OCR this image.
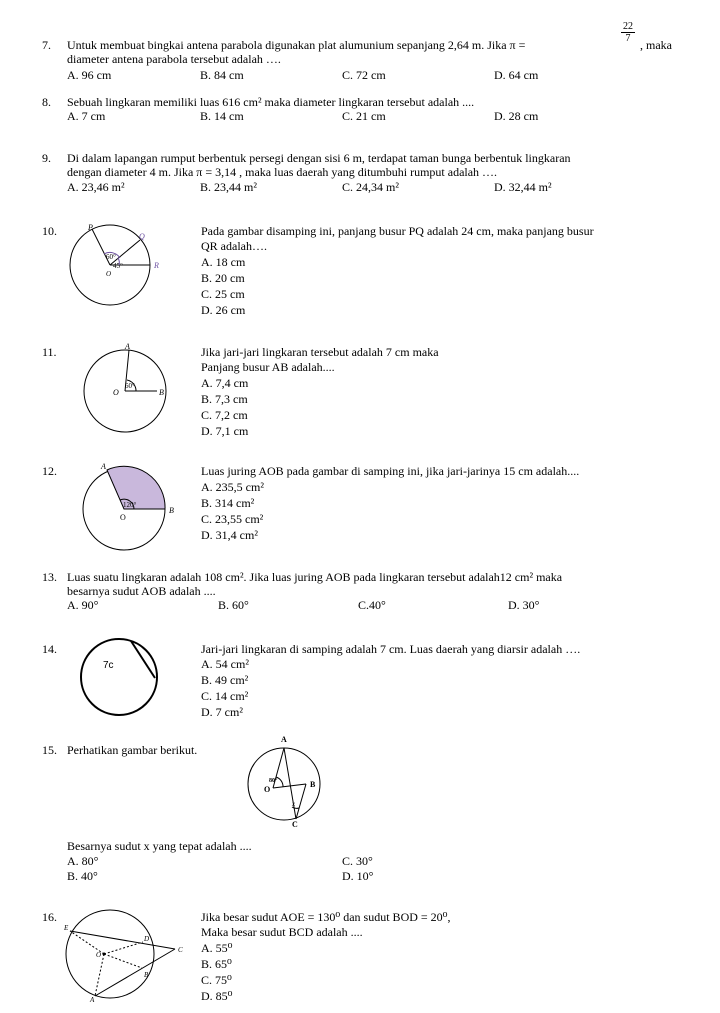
7. Untuk membuat bingkai antena parabola digunakan plat alumunium sepanjang 2,64 m. Jika π =
$\frac{22}{7}$
, maka
diameter antena parabola tersebut adalah ….
A. 96 cm	B. 84 cm	C. 72 cm	D. 64 cm
8. Sebuah lingkaran memiliki luas 616 cm² maka diameter lingkaran tersebut adalah ....
A. 7 cm	B. 14 cm	C. 21 cm	D. 28 cm
9. Di dalam lapangan rumput berbentuk persegi dengan sisi 6 m, terdapat taman bunga berbentuk lingkaran
dengan diameter 4 m. Jika π = 3,14 , maka luas daerah yang ditumbuhi rumput adalah ….
A. 23,46 m²	B. 23,44 m²	C. 24,34 m²	D. 32,44 m²
10.	P
Q
R
O
60°
45°
Pada gambar disamping ini, panjang busur PQ adalah 24 cm, maka panjang busur
QR adalah….
A. 18 cm
B. 20 cm
C. 25 cm
D. 26 cm
11.	A
B
O
60°
Jika jari-jari lingkaran tersebut adalah 7 cm maka
Panjang busur AB adalah....
A. 7,4 cm
B. 7,3 cm
C. 7,2 cm
D. 7,1 cm
12.	A
B
O
120°
Luas juring AOB pada gambar di samping ini, jika jari-jarinya 15 cm adalah....
A. 235,5 cm²
B. 314 cm²
C. 23,55 cm²
D. 31,4 cm²
13. Luas suatu lingkaran adalah 108 cm². Jika luas juring AOB pada lingkaran tersebut adalah12 cm² maka
besarnya sudut AOB adalah ....
A. 90°	B. 60°	C.40°	D. 30°
14.
7c
Jari-jari lingkaran di samping adalah 7 cm. Luas daerah yang diarsir adalah ….
A. 54 cm²
B. 49 cm²
C. 14 cm²
D. 7 cm²
15. Perhatikan gambar berikut.
A
B
C
O
80°
x
Besarnya sudut x yang tepat adalah ....
A. 80°	C. 30°
B. 40°	D. 10°
16.
E
D
C
B
A
O
Jika besar sudut AOE = 130⁰ dan sudut BOD = 20⁰,
Maka besar sudut BCD adalah ....
A. 55⁰
B. 65⁰
C. 75⁰
D. 85⁰
